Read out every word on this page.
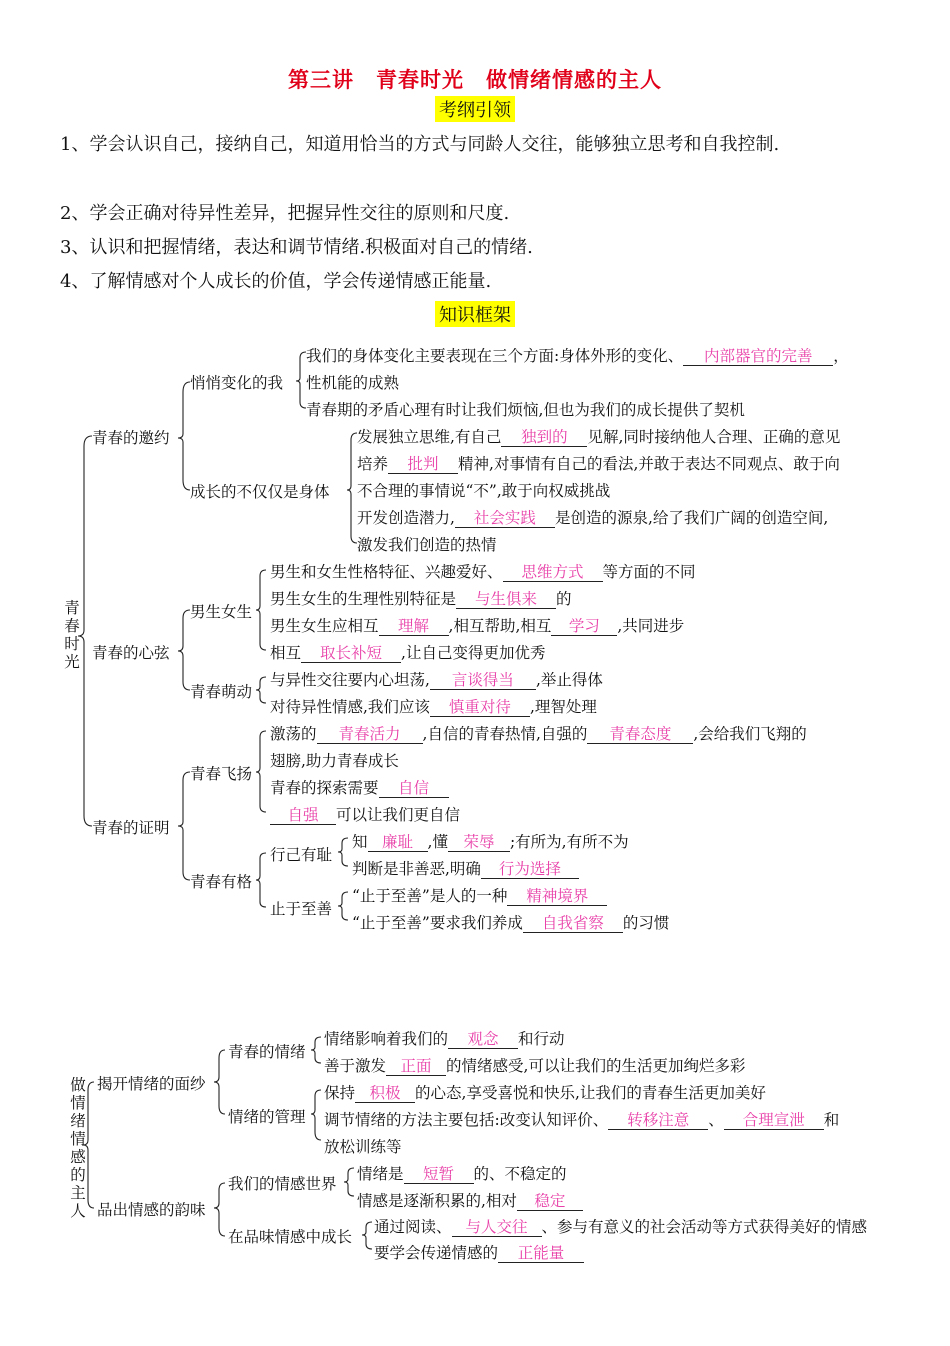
第三讲　青春时光　做情绪情感的主人
考纲引领
1、学会认识自己，接纳自己，知道用恰当的方式与同龄人交往，能够独立思考和自我控制.
2、学会正确对待异性差异，把握异性交往的原则和尺度.
3、认识和把握情绪，表达和调节情绪.积极面对自己的情绪.
4、了解情感对个人成长的价值，学会传递情感正能量.
知识框架
青春时光
青春的邀约
青春的心弦
青春的证明
悄悄变化的我
成长的不仅仅是身体
男生女生
青春萌动
青春飞扬
青春有格
行己有耻
止于至善
我们的身体变化主要表现在三个方面:身体外形的变化、 内部器官的完善 ，
性机能的成熟
青春期的矛盾心理有时让我们烦恼,但也为我们的成长提供了契机
发展独立思维,有自己 独到的 见解,同时接纳他人合理、正确的意见
培养 批判 精神,对事情有自己的看法,并敢于表达不同观点、敢于向
不合理的事情说“不”,敢于向权威挑战
开发创造潜力, 社会实践 是创造的源泉,给了我们广阔的创造空间,
激发我们创造的热情
男生和女生性格特征、兴趣爱好、 思维方式 等方面的不同
男生女生的生理性别特征是 与生俱来 的
男生女生应相互 理解 ,相互帮助,相互 学习 ,共同进步
相互 取长补短 ,让自己变得更加优秀
与异性交往要内心坦荡, 言谈得当 ,举止得体
对待异性情感,我们应该 慎重对待 ,理智处理
激荡的 青春活力 ,自信的青春热情,自强的 青春态度 ,会给我们飞翔的
翅膀,助力青春成长
青春的探索需要 自信
自强 可以让我们更自信
知 廉耻 ,懂 荣辱 ;有所为,有所不为
判断是非善恶,明确 行为选择
“止于至善”是人的一种 精神境界
“止于至善”要求我们养成 自我省察 的习惯
做情绪情感的主人
揭开情绪的面纱
品出情感的韵味
青春的情绪
情绪的管理
我们的情感世界
在品味情感中成长
情绪影响着我们的 观念 和行动
善于激发 正面 的情绪感受,可以让我们的生活更加绚烂多彩
保持 积极 的心态,享受喜悦和快乐,让我们的青春生活更加美好
调节情绪的方法主要包括:改变认知评价、 转移注意 、 合理宣泄 和
放松训练等
情绪是 短暂 的、不稳定的
情感是逐渐积累的,相对 稳定
通过阅读、 与人交往 、参与有意义的社会活动等方式获得美好的情感
要学会传递情感的 正能量
